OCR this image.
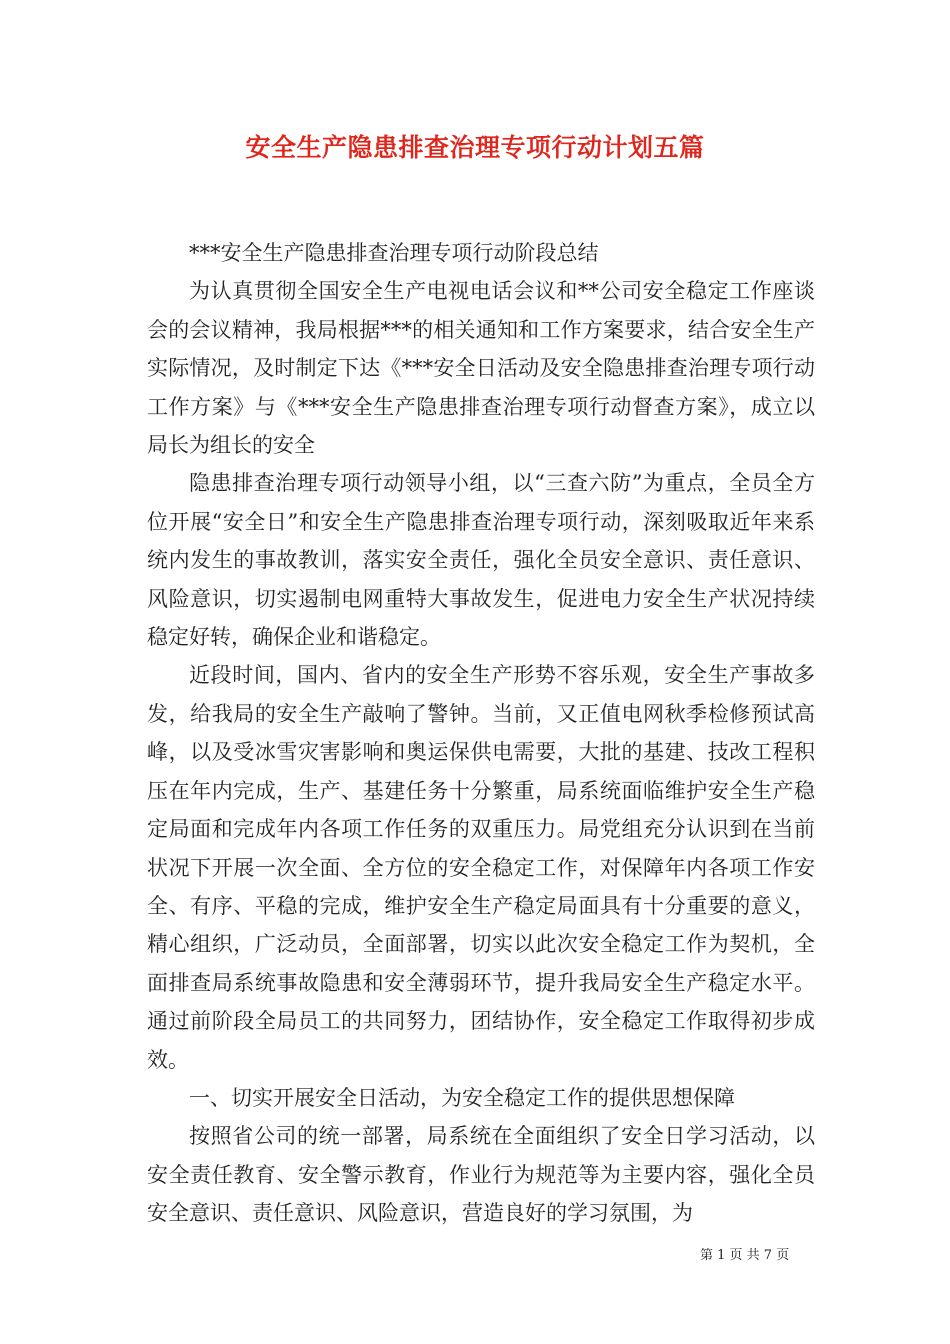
安全生产隐患排查治理专项行动计划五篇

***安全生产隐患排查治理专项行动阶段总结

为认真贯彻全国安全生产电视电话会议和**公司安全稳定工作座谈会的会议精神，我局根据***的相关通知和工作方案要求，结合安全生产实际情况，及时制定下达《***安全日活动及安全隐患排查治理专项行动工作方案》与《***安全生产隐患排查治理专项行动督查方案》，成立以局长为组长的安全

隐患排查治理专项行动领导小组，以“三查六防”为重点，全员全方位开展“安全日”和安全生产隐患排查治理专项行动，深刻吸取近年来系统内发生的事故教训，落实安全责任，强化全员安全意识、责任意识、风险意识，切实遏制电网重特大事故发生，促进电力安全生产状况持续稳定好转，确保企业和谐稳定。

近段时间，国内、省内的安全生产形势不容乐观，安全生产事故多发，给我局的安全生产敲响了警钟。当前，又正值电网秋季检修预试高峰，以及受冰雪灾害影响和奥运保供电需要，大批的基建、技改工程积压在年内完成，生产、基建任务十分繁重，局系统面临维护安全生产稳定局面和完成年内各项工作任务的双重压力。局党组充分认识到在当前状况下开展一次全面、全方位的安全稳定工作，对保障年内各项工作安全、有序、平稳的完成，维护安全生产稳定局面具有十分重要的意义，精心组织，广泛动员，全面部署，切实以此次安全稳定工作为契机，全面排查局系统事故隐患和安全薄弱环节，提升我局安全生产稳定水平。通过前阶段全局员工的共同努力，团结协作，安全稳定工作取得初步成效。

一、切实开展安全日活动，为安全稳定工作的提供思想保障

按照省公司的统一部署，局系统在全面组织了安全日学习活动，以安全责任教育、安全警示教育，作业行为规范等为主要内容，强化全员安全意识、责任意识、风险意识，营造良好的学习氛围，为

第 1 页 共 7 页
